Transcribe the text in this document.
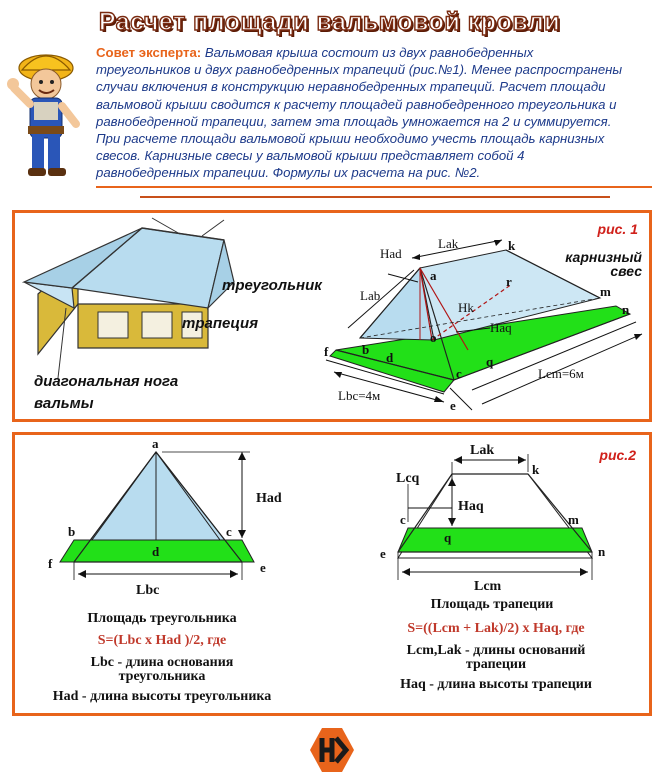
Расчет площади вальмовой кровли
Совет эксперта: Вальмовая крыша состоит из двух равнобедренных
треугольников и двух равнобедренных трапеций (рис.№1). Менее распространены
случаи включения в конструкцию неравнобедренных трапеций. Расчет площади
вальмовой крыши сводится к расчету площадей равнобедренного треугольника и
равнобедренной трапеции, затем эта площадь умножается на 2 и суммируется.
При расчете площади вальмовой крыши необходимо учесть площадь карнизных
свесов. Карнизные свесы у вальмовой крыши представляет собой 4
равнобедренных трапеции. Формулы их расчета на рис. №2.
рис. 1
треугольник
трапеция
диагональная нога
вальмы
Had
Lak
Lab
Hk
Haq
Lbc=4м
Lcm=6м
a
k
r
o
f	b
d
c
q
e
m
n
карнизный
свес
рис.2
a
b	c
d
f	e
Had
Lbc
Площадь треугольника
S=(Lbc x Had )/2, где
Lbc - длина основания
треугольника
Had - длина высоты треугольника
k
c	m
q
e	n
Lak
Lcq
Haq
Lcm
Площадь трапеции
S=((Lcm + Lak)/2) x Haq, где
Lcm,Lak - длины оснований
трапеции
Haq - длина высоты трапеции
